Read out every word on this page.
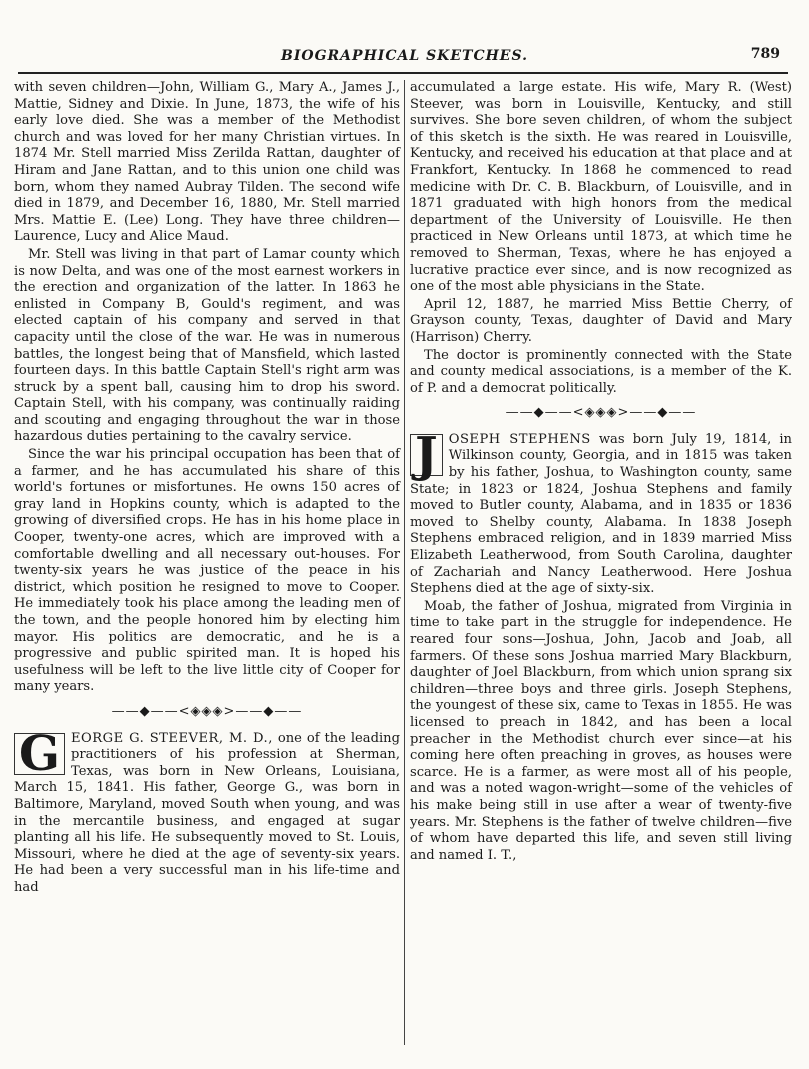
BIOGRAPHICAL SKETCHES.	789

with seven children—John, William G., Mary A., James J., Mattie, Sidney and Dixie. In June, 1873, the wife of his early love died. She was a member of the Methodist church and was loved for her many Christian virtues. In 1874 Mr. Stell married Miss Zerilda Rattan, daughter of Hiram and Jane Rattan, and to this union one child was born, whom they named Aubray Tilden. The second wife died in 1879, and December 16, 1880, Mr. Stell married Mrs. Mattie E. (Lee) Long. They have three children—Laurence, Lucy and Alice Maud.

Mr. Stell was living in that part of Lamar county which is now Delta, and was one of the most earnest workers in the erection and organization of the latter. In 1863 he enlisted in Company B, Gould's regiment, and was elected captain of his company and served in that capacity until the close of the war. He was in numerous battles, the longest being that of Mansfield, which lasted fourteen days. In this battle Captain Stell's right arm was struck by a spent ball, causing him to drop his sword. Captain Stell, with his company, was continually raiding and scouting and engaging throughout the war in those hazardous duties pertaining to the cavalry service.

Since the war his principal occupation has been that of a farmer, and he has accumulated his share of this world's fortunes or misfortunes. He owns 150 acres of gray land in Hopkins county, which is adapted to the growing of diversified crops. He has in his home place in Cooper, twenty-one acres, which are improved with a comfortable dwelling and all necessary out-houses. For twenty-six years he was justice of the peace in his district, which position he resigned to move to Cooper. He immediately took his place among the leading men of the town, and the people honored him by electing him mayor. His politics are democratic, and he is a progressive and public spirited man. It is hoped his usefulness will be left to the live little city of Cooper for many years.

——◆——<◈◈◈>——◆——

G EORGE G. STEEVER, M. D., one of the leading practitioners of his profession at Sherman, Texas, was born in New Orleans, Louisiana, March 15, 1841. His father, George G., was born in Baltimore, Maryland, moved South when young, and was in the mercantile business, and engaged at sugar planting all his life. He subsequently moved to St. Louis, Missouri, where he died at the age of seventy-six years. He had been a very successful man in his life-time and had

accumulated a large estate. His wife, Mary R. (West) Steever, was born in Louisville, Kentucky, and still survives. She bore seven children, of whom the subject of this sketch is the sixth. He was reared in Louisville, Kentucky, and received his education at that place and at Frankfort, Kentucky. In 1868 he commenced to read medicine with Dr. C. B. Blackburn, of Louisville, and in 1871 graduated with high honors from the medical department of the University of Louisville. He then practiced in New Orleans until 1873, at which time he removed to Sherman, Texas, where he has enjoyed a lucrative practice ever since, and is now recognized as one of the most able physicians in the State.

April 12, 1887, he married Miss Bettie Cherry, of Grayson county, Texas, daughter of David and Mary (Harrison) Cherry.

The doctor is prominently connected with the State and county medical associations, is a member of the K. of P. and a democrat politically.

——◆——<◈◈◈>——◆——

J OSEPH STEPHENS was born July 19, 1814, in Wilkinson county, Georgia, and in 1815 was taken by his father, Joshua, to Washington county, same State; in 1823 or 1824, Joshua Stephens and family moved to Butler county, Alabama, and in 1835 or 1836 moved to Shelby county, Alabama. In 1838 Joseph Stephens embraced religion, and in 1839 married Miss Elizabeth Leatherwood, from South Carolina, daughter of Zachariah and Nancy Leatherwood. Here Joshua Stephens died at the age of sixty-six.

Moab, the father of Joshua, migrated from Virginia in time to take part in the struggle for independence. He reared four sons—Joshua, John, Jacob and Joab, all farmers. Of these sons Joshua married Mary Blackburn, daughter of Joel Blackburn, from which union sprang six children—three boys and three girls. Joseph Stephens, the youngest of these six, came to Texas in 1855. He was licensed to preach in 1842, and has been a local preacher in the Methodist church ever since—at his coming here often preaching in groves, as houses were scarce. He is a farmer, as were most all of his people, and was a noted wagon-wright—some of the vehicles of his make being still in use after a wear of twenty-five years. Mr. Stephens is the father of twelve children—five of whom have departed this life, and seven still living and named I. T.,
